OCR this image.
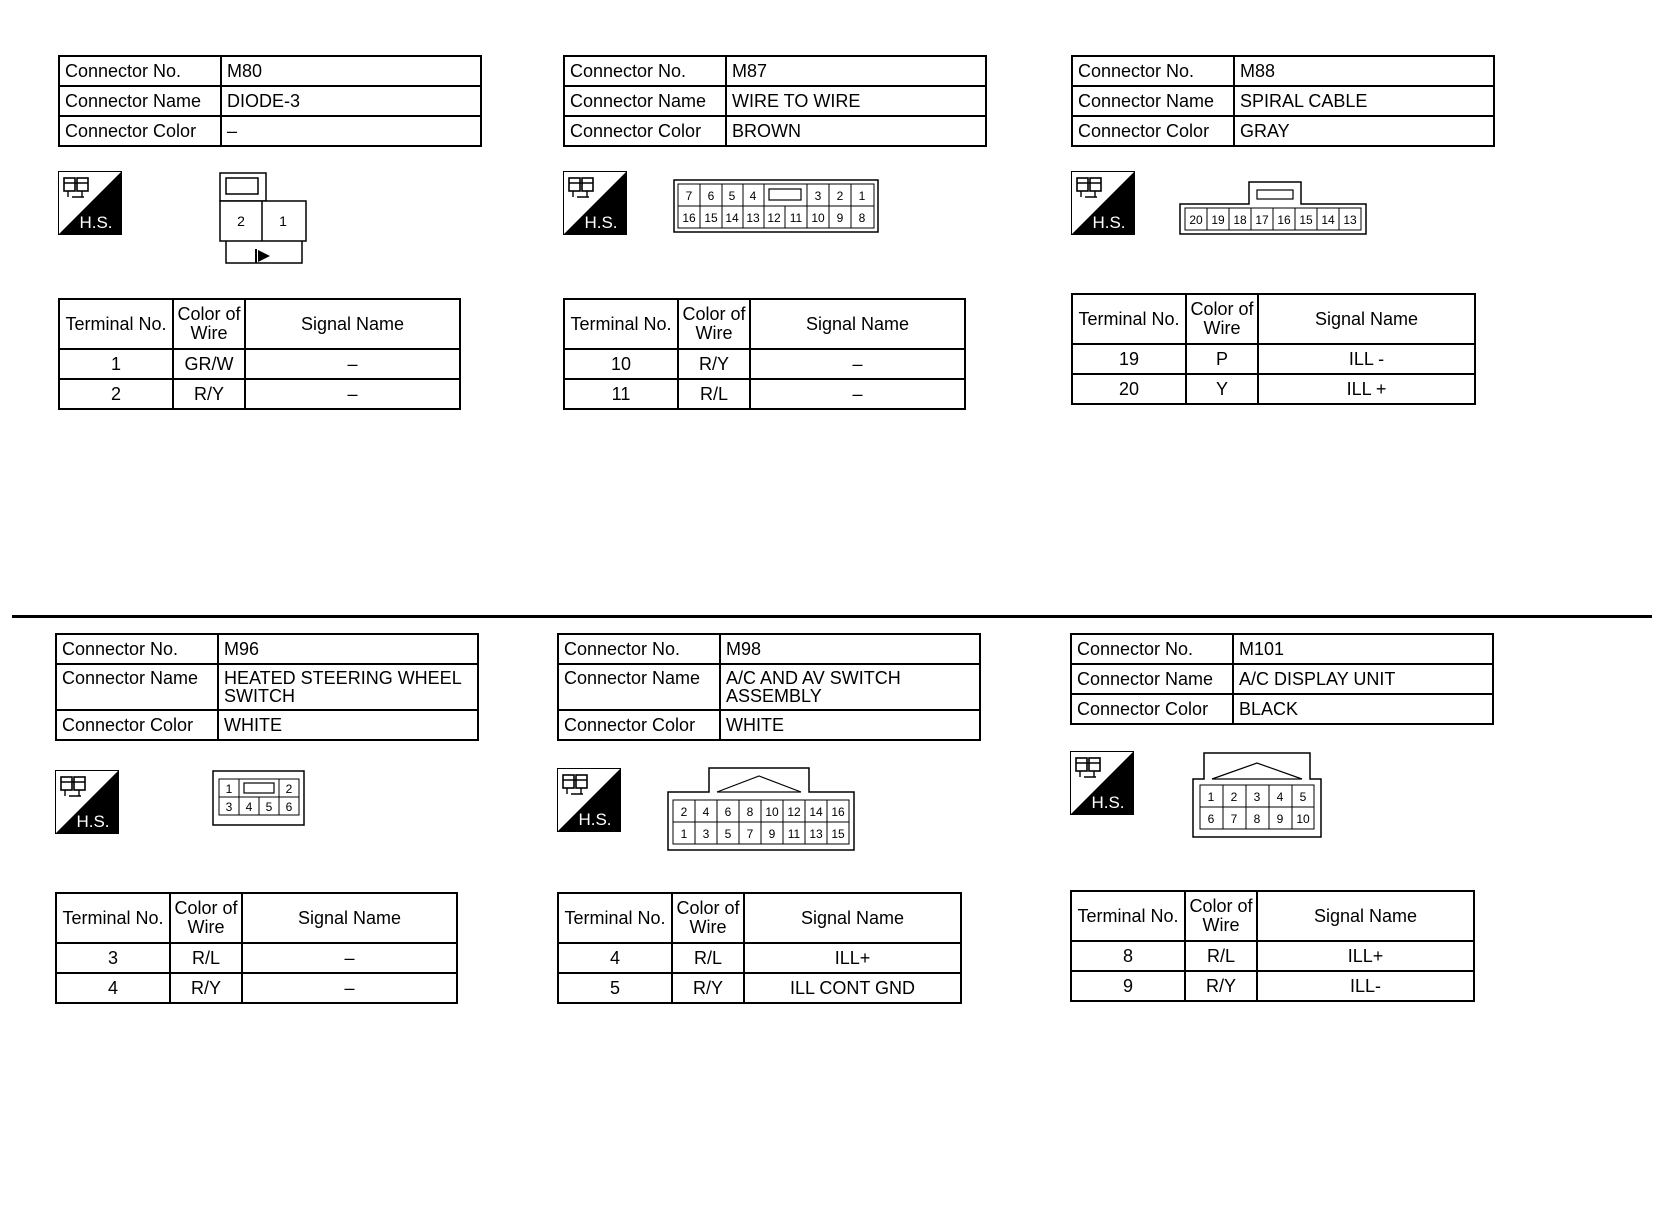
Connector No.	M80
Connector Name	DIODE-3
Connector Color	–
H.S.	2 1
Terminal No.	Color of Wire	Signal Name
1	GR/W	–
2	R/Y	–
Connector No.	M87
Connector Name	WIRE TO WIRE
Connector Color	BROWN
H.S.
7 6 5 4	3 2 1
16 15 14 13 12 11 10 9 8
Terminal No.	Color of Wire	Signal Name
10	R/Y	–
11	R/L	–
Connector No.	M88
Connector Name	SPIRAL CABLE
Connector Color	GRAY
H.S.	20 19 18 17 16 15 14 13
Terminal No.	Color of Wire	Signal Name
19	P	ILL -
20	Y	ILL +
Connector No.	M96
Connector Name	HEATED STEERING WHEEL SWITCH
Connector Color	WHITE
H.S.
1	2
3 4 5 6
Terminal No.	Color of Wire	Signal Name
3	R/L	–
4	R/Y	–
Connector No.	M98
Connector Name	A/C AND AV SWITCH ASSEMBLY
Connector Color	WHITE
H.S.	2 4 6 8 10 12 14 16
1 3 5 7 9 11 13 15
Terminal No.	Color of Wire	Signal Name
4	R/L	ILL+
5	R/Y	ILL CONT GND
Connector No.	M101
Connector Name	A/C DISPLAY UNIT
Connector Color	BLACK
H.S.	1 2 3 4 5
6 7 8 9 10
Terminal No.	Color of Wire	Signal Name
8	R/L	ILL+
9	R/Y	ILL-
